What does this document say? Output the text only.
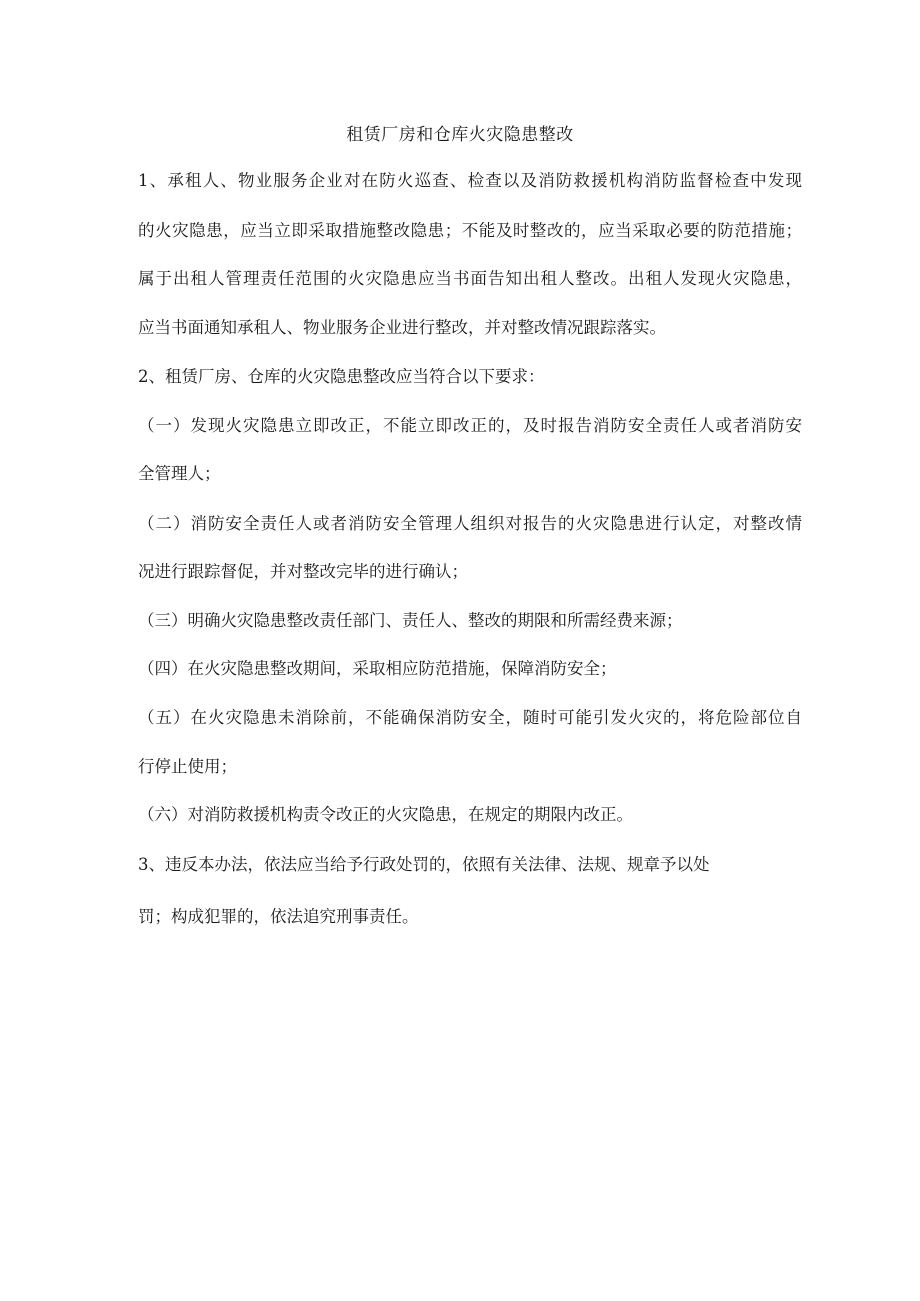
租赁厂房和仓库火灾隐患整改
1、承租人、物业服务企业对在防火巡查、检查以及消防救援机构消防监督检查中发现
的火灾隐患，应当立即采取措施整改隐患；不能及时整改的，应当采取必要的防范措施；
属于出租人管理责任范围的火灾隐患应当书面告知出租人整改。出租人发现火灾隐患，
应当书面通知承租人、物业服务企业进行整改，并对整改情况跟踪落实。
2、租赁厂房、仓库的火灾隐患整改应当符合以下要求：
（一）发现火灾隐患立即改正，不能立即改正的，及时报告消防安全责任人或者消防安
全管理人；
（二）消防安全责任人或者消防安全管理人组织对报告的火灾隐患进行认定，对整改情
况进行跟踪督促，并对整改完毕的进行确认；
（三）明确火灾隐患整改责任部门、责任人、整改的期限和所需经费来源；
（四）在火灾隐患整改期间，采取相应防范措施，保障消防安全；
（五）在火灾隐患未消除前，不能确保消防安全，随时可能引发火灾的，将危险部位自
行停止使用；
（六）对消防救援机构责令改正的火灾隐患，在规定的期限内改正。
3、违反本办法，依法应当给予行政处罚的，依照有关法律、法规、规章予以处
罚；构成犯罪的，依法追究刑事责任。
